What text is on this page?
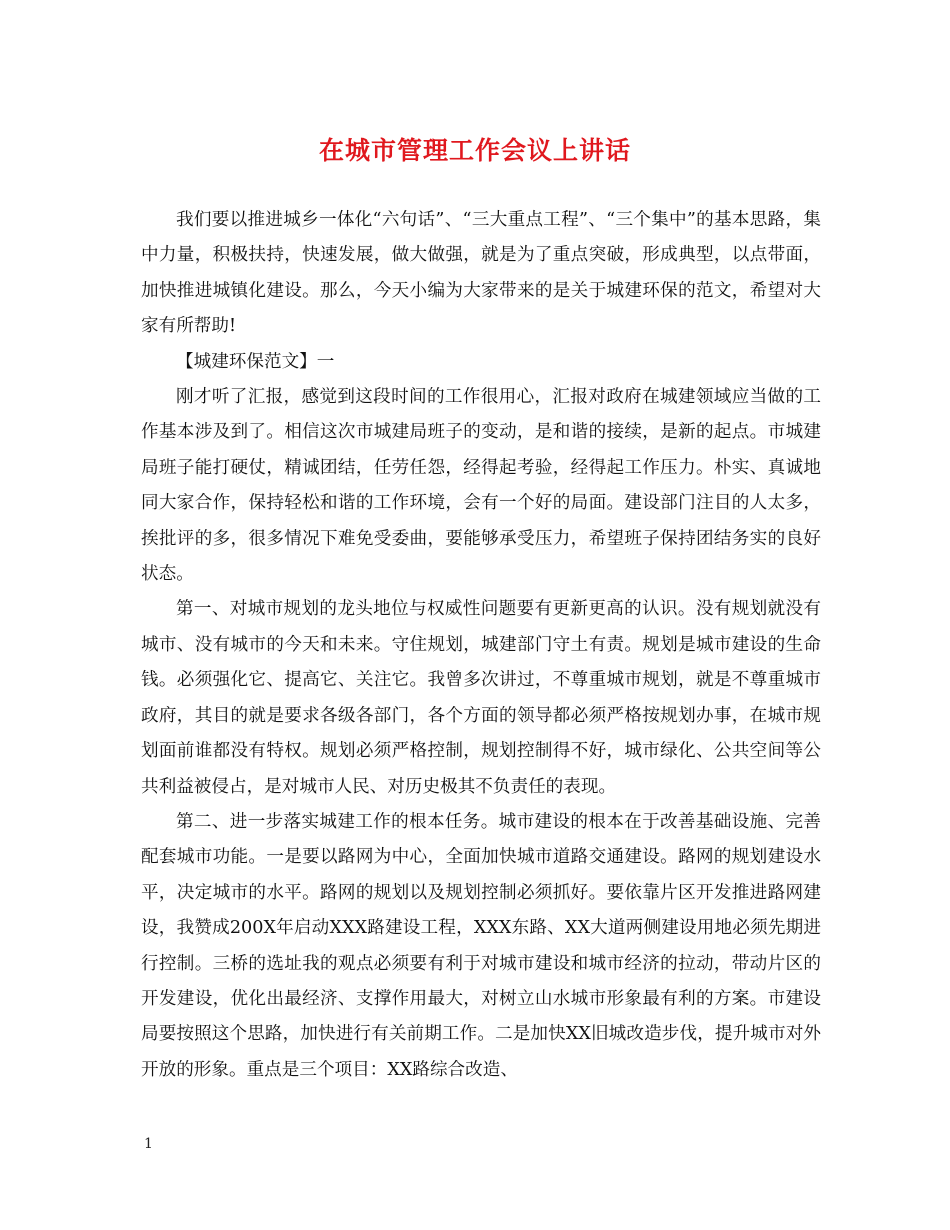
在城市管理工作会议上讲话

我们要以推进城乡一体化“六句话”、“三大重点工程”、“三个集中”的基本思路，集中力量，积极扶持，快速发展，做大做强，就是为了重点突破，形成典型，以点带面，加快推进城镇化建设。那么，今天小编为大家带来的是关于城建环保的范文，希望对大家有所帮助!

【城建环保范文】一

刚才听了汇报，感觉到这段时间的工作很用心，汇报对政府在城建领域应当做的工作基本涉及到了。相信这次市城建局班子的变动，是和谐的接续，是新的起点。市城建局班子能打硬仗，精诚团结，任劳任怨，经得起考验，经得起工作压力。朴实、真诚地同大家合作，保持轻松和谐的工作环境，会有一个好的局面。建设部门注目的人太多，挨批评的多，很多情况下难免受委曲，要能够承受压力，希望班子保持团结务实的良好状态。

第一、对城市规划的龙头地位与权威性问题要有更新更高的认识。没有规划就没有城市、没有城市的今天和未来。守住规划，城建部门守土有责。规划是城市建设的生命钱。必须强化它、提高它、关注它。我曾多次讲过，不尊重城市规划，就是不尊重城市政府，其目的就是要求各级各部门，各个方面的领导都必须严格按规划办事，在城市规划面前谁都没有特权。规划必须严格控制，规划控制得不好，城市绿化、公共空间等公共利益被侵占，是对城市人民、对历史极其不负责任的表现。

第二、进一步落实城建工作的根本任务。城市建设的根本在于改善基础设施、完善配套城市功能。一是要以路网为中心，全面加快城市道路交通建设。路网的规划建设水平，决定城市的水平。路网的规划以及规划控制必须抓好。要依靠片区开发推进路网建设，我赞成200X年启动XXX路建设工程，XXX东路、XX大道两侧建设用地必须先期进行控制。三桥的选址我的观点必须要有利于对城市建设和城市经济的拉动，带动片区的开发建设，优化出最经济、支撑作用最大，对树立山水城市形象最有利的方案。市建设局要按照这个思路，加快进行有关前期工作。二是加快XX旧城改造步伐，提升城市对外开放的形象。重点是三个项目：XX路综合改造、

1
